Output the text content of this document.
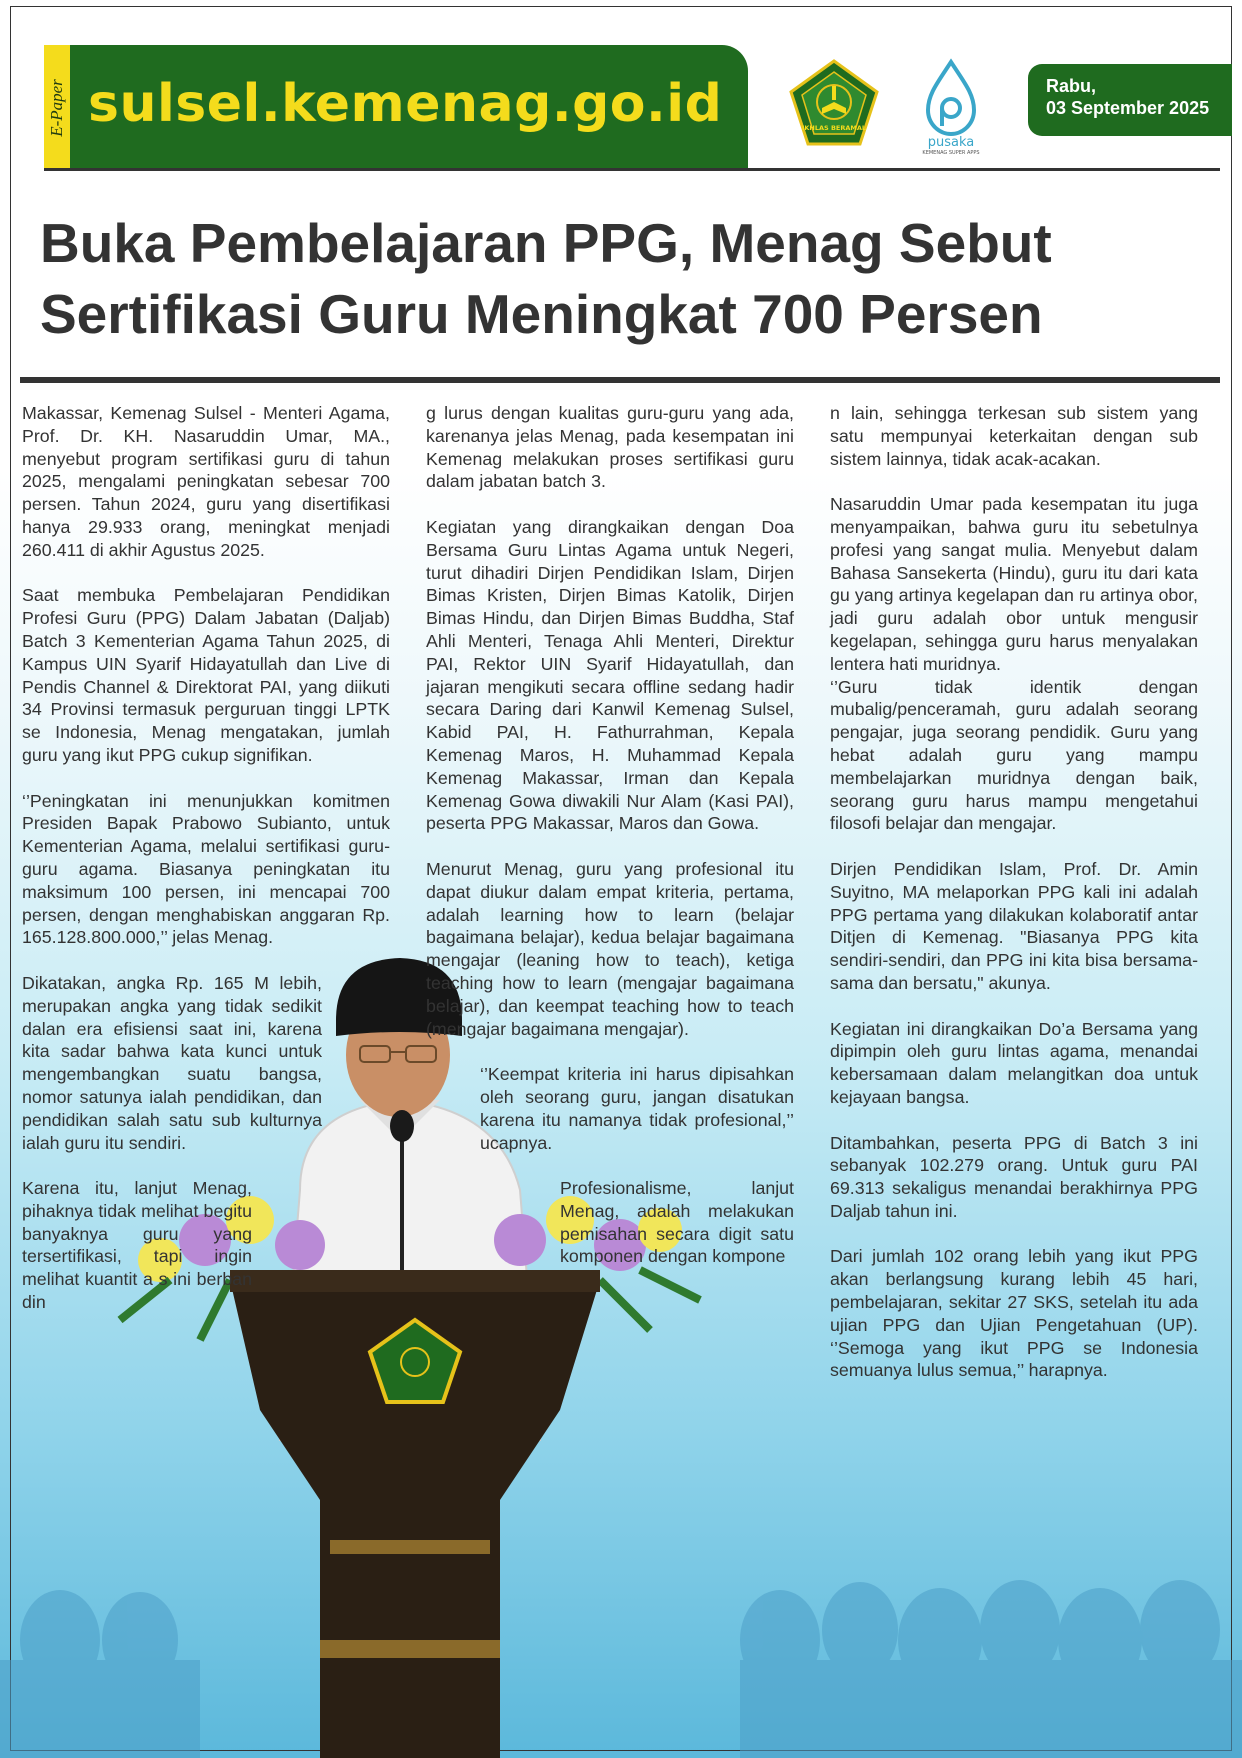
E-Paper sulsel.kemenag.go.id	IKHLAS BERAMAL
pusaka
KEMENAG SUPER APPS
Rabu,
03 September 2025
Buka Pembelajaran PPG, Menag Sebut
Sertifikasi Guru Meningkat 700 Persen

Makassar, Kemenag Sulsel - Menteri Agama, Prof. Dr. KH. Nasaruddin Umar, MA., menyebut program sertifikasi guru di tahun 2025, mengalami peningkatan sebesar 700 persen. Tahun 2024, guru yang disertifikasi hanya 29.933 orang, meningkat menjadi 260.411 di akhir Agustus 2025.

Saat membuka Pembelajaran Pendidikan Profesi Guru (PPG) Dalam Jabatan (Daljab) Batch 3 Kementerian Agama Tahun 2025, di Kampus UIN Syarif Hidayatullah dan Live di Pendis Channel & Direktorat PAI, yang diikuti 34 Provinsi termasuk perguruan tinggi LPTK se Indonesia, Menag mengatakan, jumlah guru yang ikut PPG cukup signifikan.

‘’Peningkatan ini menunjukkan komitmen Presiden Bapak Prabowo Subianto, untuk Kementerian Agama, melalui sertifikasi guru-guru agama. Biasanya peningkatan itu maksimum 100 persen, ini mencapai 700 persen, dengan menghabiskan anggaran Rp. 165.128.800.000,’’ jelas Menag.

Dikatakan, angka Rp. 165 M lebih, merupakan angka yang tidak sedikit dalan era efisiensi saat ini, karena kita sadar bahwa kata kunci untuk mengembangkan suatu bangsa, nomor satunya ialah pendidikan, dan pendidikan salah satu sub kulturnya ialah guru itu sendiri.

Karena itu, lanjut Menag, pihaknya tidak melihat begitu banyaknya guru yang tersertifikasi, tapi ingin melihat kuantit a s ini berban din

g lurus dengan kualitas guru-guru yang ada, karenanya jelas Menag, pada kesempatan ini Kemenag melakukan proses sertifikasi guru dalam jabatan batch 3.

Kegiatan yang dirangkaikan dengan Doa Bersama Guru Lintas Agama untuk Negeri, turut dihadiri Dirjen Pendidikan Islam, Dirjen Bimas Kristen, Dirjen Bimas Katolik, Dirjen Bimas Hindu, dan Dirjen Bimas Buddha, Staf Ahli Menteri, Tenaga Ahli Menteri, Direktur PAI, Rektor UIN Syarif Hidayatullah, dan jajaran mengikuti secara offline sedang hadir secara Daring dari Kanwil Kemenag Sulsel, Kabid PAI, H. Fathurrahman, Kepala Kemenag Maros, H. Muhammad Kepala Kemenag Makassar, Irman dan Kepala Kemenag Gowa diwakili Nur Alam (Kasi PAI), peserta PPG Makassar, Maros dan Gowa.

Menurut Menag, guru yang profesional itu dapat diukur dalam empat kriteria, pertama, adalah learning how to learn (belajar bagaimana belajar), kedua belajar bagaimana mengajar (leaning how to teach), ketiga teaching how to learn (mengajar bagaimana belajar), dan keempat teaching how to teach (mengajar bagaimana mengajar).

‘’Keempat kriteria ini harus dipisahkan oleh seorang guru, jangan disatukan karena itu namanya tidak profesional,’’ ucapnya.

Profesionalisme, lanjut Menag, adalah melakukan pemisahan secara digit satu komponen dengan kompone

n lain, sehingga terkesan sub sistem yang satu mempunyai keterkaitan dengan sub sistem lainnya, tidak acak-acakan.

Nasaruddin Umar pada kesempatan itu juga menyampaikan, bahwa guru itu sebetulnya profesi yang sangat mulia. Menyebut dalam Bahasa Sansekerta (Hindu), guru itu dari kata gu yang artinya kegelapan dan ru artinya obor, jadi guru adalah obor untuk mengusir kegelapan, sehingga guru harus menyalakan lentera hati muridnya.

‘’Guru tidak identik dengan mubalig/penceramah, guru adalah seorang pengajar, juga seorang pendidik. Guru yang hebat adalah guru yang mampu membelajarkan muridnya dengan baik, seorang guru harus mampu mengetahui filosofi belajar dan mengajar.

Dirjen Pendidikan Islam, Prof. Dr. Amin Suyitno, MA melaporkan PPG kali ini adalah PPG pertama yang dilakukan kolaboratif antar Ditjen di Kemenag. "Biasanya PPG kita sendiri-sendiri, dan PPG ini kita bisa bersama-sama dan bersatu," akunya.

Kegiatan ini dirangkaikan Do’a Bersama yang dipimpin oleh guru lintas agama, menandai kebersamaan dalam melangitkan doa untuk kejayaan bangsa.

Ditambahkan, peserta PPG di Batch 3 ini sebanyak 102.279 orang. Untuk guru PAI 69.313 sekaligus menandai berakhirnya PPG Daljab tahun ini.

Dari jumlah 102 orang lebih yang ikut PPG akan berlangsung kurang lebih 45 hari, pembelajaran, sekitar 27 SKS, setelah itu ada ujian PPG dan Ujian Pengetahuan (UP). ‘’Semoga yang ikut PPG se Indonesia semuanya lulus semua,’’ harapnya.
